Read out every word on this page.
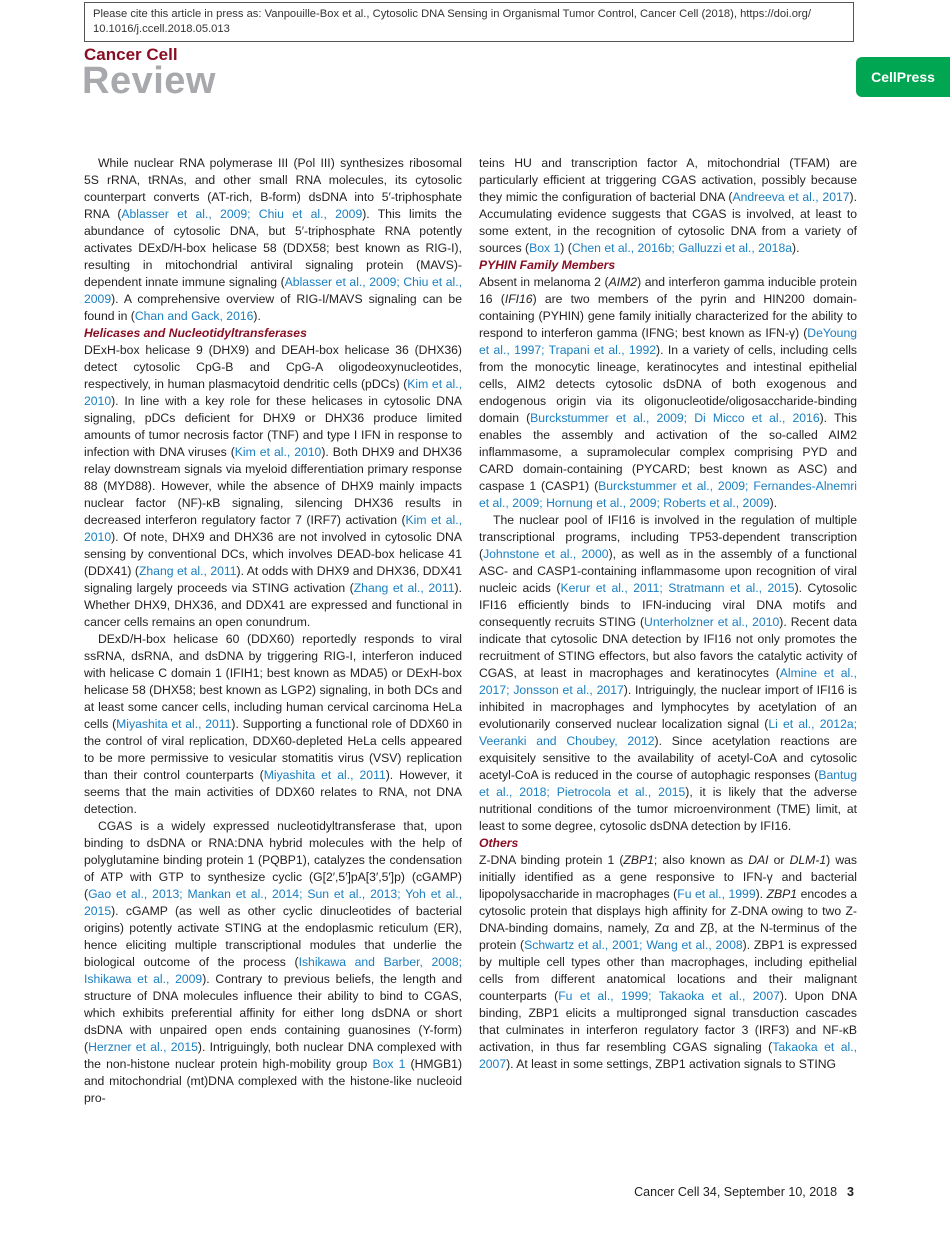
Please cite this article in press as: Vanpouille-Box et al., Cytosolic DNA Sensing in Organismal Tumor Control, Cancer Cell (2018), https://doi.org/
10.1016/j.ccell.2018.05.013
Cancer Cell
Review	CellPress

While nuclear RNA polymerase III (Pol III) synthesizes ribosomal 5S rRNA, tRNAs, and other small RNA molecules, its cytosolic counterpart converts (AT-rich, B-form) dsDNA into 5′-triphosphate RNA (Ablasser et al., 2009; Chiu et al., 2009). This limits the abundance of cytosolic DNA, but 5′-triphosphate RNA potently activates DExD/H-box helicase 58 (DDX58; best known as RIG-I), resulting in mitochondrial antiviral signaling protein (MAVS)-dependent innate immune signaling (Ablasser et al., 2009; Chiu et al., 2009). A comprehensive overview of RIG-I/MAVS signaling can be found in (Chan and Gack, 2016).

Helicases and Nucleotidyltransferases

DExH-box helicase 9 (DHX9) and DEAH-box helicase 36 (DHX36) detect cytosolic CpG-B and CpG-A oligodeoxynucleotides, respectively, in human plasmacytoid dendritic cells (pDCs) (Kim et al., 2010). In line with a key role for these helicases in cytosolic DNA signaling, pDCs deficient for DHX9 or DHX36 produce limited amounts of tumor necrosis factor (TNF) and type I IFN in response to infection with DNA viruses (Kim et al., 2010). Both DHX9 and DHX36 relay downstream signals via myeloid differentiation primary response 88 (MYD88). However, while the absence of DHX9 mainly impacts nuclear factor (NF)-κB signaling, silencing DHX36 results in decreased interferon regulatory factor 7 (IRF7) activation (Kim et al., 2010). Of note, DHX9 and DHX36 are not involved in cytosolic DNA sensing by conventional DCs, which involves DEAD-box helicase 41 (DDX41) (Zhang et al., 2011). At odds with DHX9 and DHX36, DDX41 signaling largely proceeds via STING activation (Zhang et al., 2011). Whether DHX9, DHX36, and DDX41 are expressed and functional in cancer cells remains an open conundrum.

DExD/H-box helicase 60 (DDX60) reportedly responds to viral ssRNA, dsRNA, and dsDNA by triggering RIG-I, interferon induced with helicase C domain 1 (IFIH1; best known as MDA5) or DExH-box helicase 58 (DHX58; best known as LGP2) signaling, in both DCs and at least some cancer cells, including human cervical carcinoma HeLa cells (Miyashita et al., 2011). Supporting a functional role of DDX60 in the control of viral replication, DDX60-depleted HeLa cells appeared to be more permissive to vesicular stomatitis virus (VSV) replication than their control counterparts (Miyashita et al., 2011). However, it seems that the main activities of DDX60 relates to RNA, not DNA detection.

CGAS is a widely expressed nucleotidyltransferase that, upon binding to dsDNA or RNA:DNA hybrid molecules with the help of polyglutamine binding protein 1 (PQBP1), catalyzes the condensation of ATP with GTP to synthesize cyclic (G[2′,5′]pA[3′,5′]p) (cGAMP) (Gao et al., 2013; Mankan et al., 2014; Sun et al., 2013; Yoh et al., 2015). cGAMP (as well as other cyclic dinucleotides of bacterial origins) potently activate STING at the endoplasmic reticulum (ER), hence eliciting multiple transcriptional modules that underlie the biological outcome of the process (Ishikawa and Barber, 2008; Ishikawa et al., 2009). Contrary to previous beliefs, the length and structure of DNA molecules influence their ability to bind to CGAS, which exhibits preferential affinity for either long dsDNA or short dsDNA with unpaired open ends containing guanosines (Y-form) (Herzner et al., 2015). Intriguingly, both nuclear DNA complexed with the non-histone nuclear protein high-mobility group Box 1 (HMGB1) and mitochondrial (mt)DNA complexed with the histone-like nucleoid pro-

teins HU and transcription factor A, mitochondrial (TFAM) are particularly efficient at triggering CGAS activation, possibly because they mimic the configuration of bacterial DNA (Andreeva et al., 2017). Accumulating evidence suggests that CGAS is involved, at least to some extent, in the recognition of cytosolic DNA from a variety of sources (Box 1) (Chen et al., 2016b; Galluzzi et al., 2018a).

PYHIN Family Members

Absent in melanoma 2 (AIM2) and interferon gamma inducible protein 16 (IFI16) are two members of the pyrin and HIN200 domain-containing (PYHIN) gene family initially characterized for the ability to respond to interferon gamma (IFNG; best known as IFN-γ) (DeYoung et al., 1997; Trapani et al., 1992). In a variety of cells, including cells from the monocytic lineage, keratinocytes and intestinal epithelial cells, AIM2 detects cytosolic dsDNA of both exogenous and endogenous origin via its oligonucleotide/oligosaccharide-binding domain (Burckstummer et al., 2009; Di Micco et al., 2016). This enables the assembly and activation of the so-called AIM2 inflammasome, a supramolecular complex comprising PYD and CARD domain-containing (PYCARD; best known as ASC) and caspase 1 (CASP1) (Burckstummer et al., 2009; Fernandes-Alnemri et al., 2009; Hornung et al., 2009; Roberts et al., 2009).

The nuclear pool of IFI16 is involved in the regulation of multiple transcriptional programs, including TP53-dependent transcription (Johnstone et al., 2000), as well as in the assembly of a functional ASC- and CASP1-containing inflammasome upon recognition of viral nucleic acids (Kerur et al., 2011; Stratmann et al., 2015). Cytosolic IFI16 efficiently binds to IFN-inducing viral DNA motifs and consequently recruits STING (Unterholzner et al., 2010). Recent data indicate that cytosolic DNA detection by IFI16 not only promotes the recruitment of STING effectors, but also favors the catalytic activity of CGAS, at least in macrophages and keratinocytes (Almine et al., 2017; Jonsson et al., 2017). Intriguingly, the nuclear import of IFI16 is inhibited in macrophages and lymphocytes by acetylation of an evolutionarily conserved nuclear localization signal (Li et al., 2012a; Veeranki and Choubey, 2012). Since acetylation reactions are exquisitely sensitive to the availability of acetyl-CoA and cytosolic acetyl-CoA is reduced in the course of autophagic responses (Bantug et al., 2018; Pietrocola et al., 2015), it is likely that the adverse nutritional conditions of the tumor microenvironment (TME) limit, at least to some degree, cytosolic dsDNA detection by IFI16.

Others

Z-DNA binding protein 1 (ZBP1; also known as DAI or DLM-1) was initially identified as a gene responsive to IFN-γ and bacterial lipopolysaccharide in macrophages (Fu et al., 1999). ZBP1 encodes a cytosolic protein that displays high affinity for Z-DNA owing to two Z-DNA-binding domains, namely, Zα and Zβ, at the N-terminus of the protein (Schwartz et al., 2001; Wang et al., 2008). ZBP1 is expressed by multiple cell types other than macrophages, including epithelial cells from different anatomical locations and their malignant counterparts (Fu et al., 1999; Takaoka et al., 2007). Upon DNA binding, ZBP1 elicits a multipronged signal transduction cascades that culminates in interferon regulatory factor 3 (IRF3) and NF-κB activation, in thus far resembling CGAS signaling (Takaoka et al., 2007). At least in some settings, ZBP1 activation signals to STING

Cancer Cell 34, September 10, 2018 3
